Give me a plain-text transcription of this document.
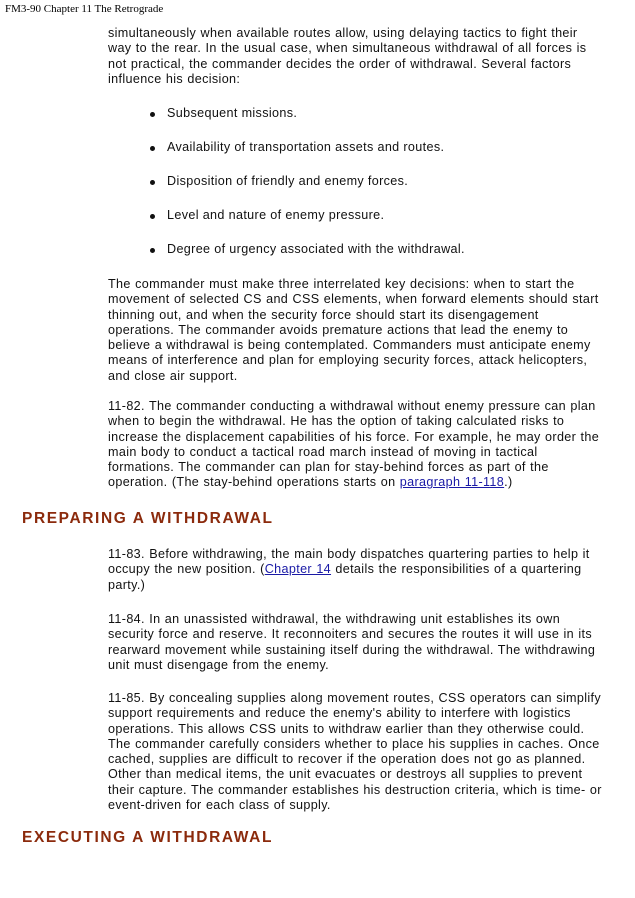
FM3-90 Chapter 11 The Retrograde

simultaneously when available routes allow, using delaying tactics to fight their way to the rear. In the usual case, when simultaneous withdrawal of all forces is not practical, the commander decides the order of withdrawal. Several factors influence his decision:

Subsequent missions.
Availability of transportation assets and routes.
Disposition of friendly and enemy forces.
Level and nature of enemy pressure.
Degree of urgency associated with the withdrawal.

The commander must make three interrelated key decisions: when to start the movement of selected CS and CSS elements, when forward elements should start thinning out, and when the security force should start its disengagement operations. The commander avoids premature actions that lead the enemy to believe a withdrawal is being contemplated. Commanders must anticipate enemy means of interference and plan for employing security forces, attack helicopters, and close air support.

11-82. The commander conducting a withdrawal without enemy pressure can plan when to begin the withdrawal. He has the option of taking calculated risks to increase the displacement capabilities of his force. For example, he may order the main body to conduct a tactical road march instead of moving in tactical formations. The commander can plan for stay-behind forces as part of the operation. (The stay-behind operations starts on paragraph 11-118.)

PREPARING A WITHDRAWAL

11-83. Before withdrawing, the main body dispatches quartering parties to help it occupy the new position. (Chapter 14 details the responsibilities of a quartering party.)

11-84. In an unassisted withdrawal, the withdrawing unit establishes its own security force and reserve. It reconnoiters and secures the routes it will use in its rearward movement while sustaining itself during the withdrawal. The withdrawing unit must disengage from the enemy.

11-85. By concealing supplies along movement routes, CSS operators can simplify support requirements and reduce the enemy's ability to interfere with logistics operations. This allows CSS units to withdraw earlier than they otherwise could. The commander carefully considers whether to place his supplies in caches. Once cached, supplies are difficult to recover if the operation does not go as planned. Other than medical items, the unit evacuates or destroys all supplies to prevent their capture. The commander establishes his destruction criteria, which is time- or event-driven for each class of supply.

EXECUTING A WITHDRAWAL
